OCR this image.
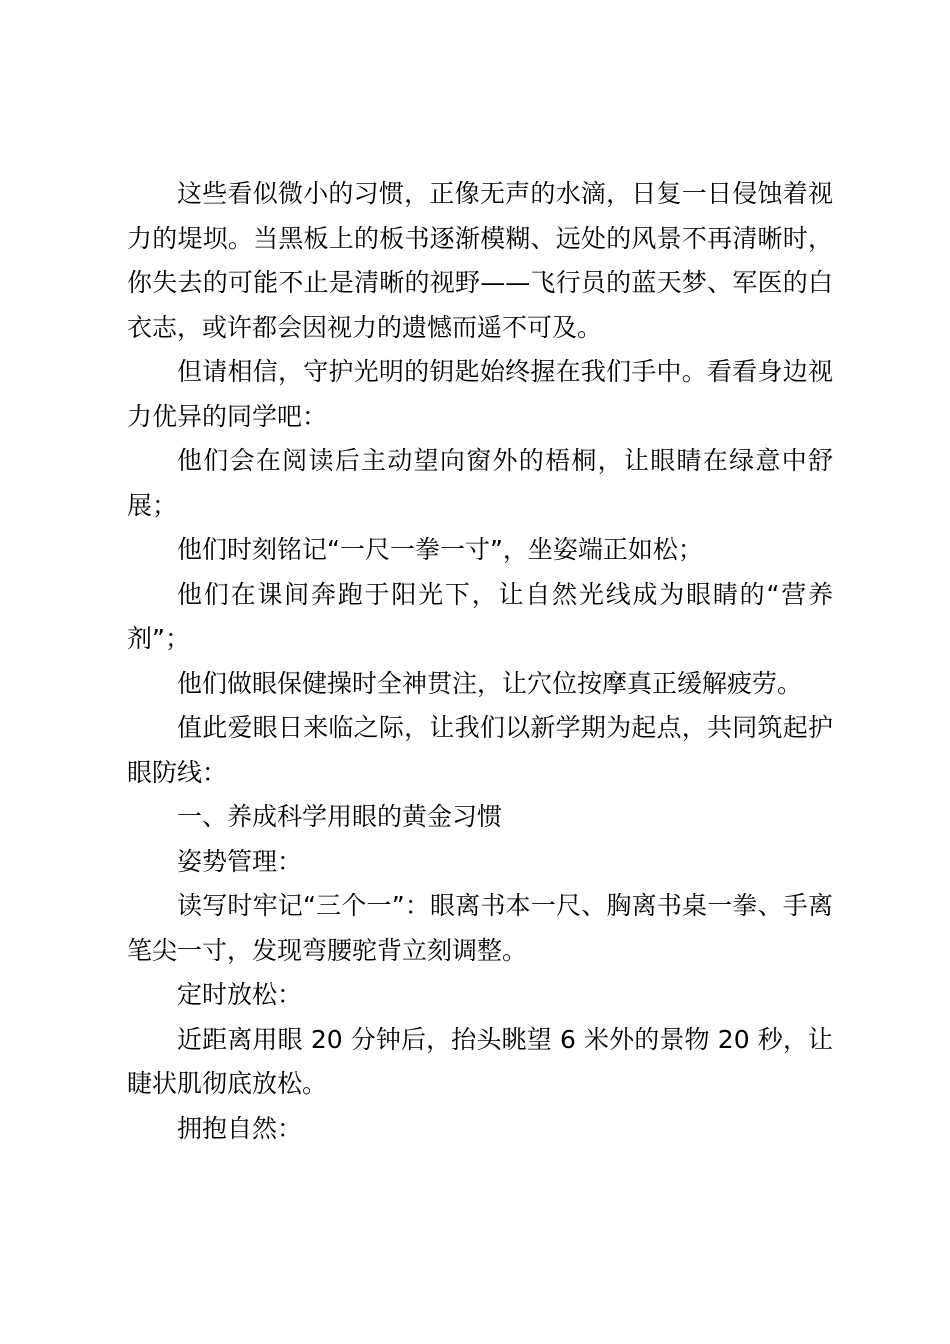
这些看似微小的习惯，正像无声的水滴，日复一日侵蚀着视力的堤坝。当黑板上的板书逐渐模糊、远处的风景不再清晰时，你失去的可能不止是清晰的视野——飞行员的蓝天梦、军医的白衣志，或许都会因视力的遗憾而遥不可及。

但请相信，守护光明的钥匙始终握在我们手中。看看身边视力优异的同学吧：

他们会在阅读后主动望向窗外的梧桐，让眼睛在绿意中舒展；

他们时刻铭记“一尺一拳一寸”，坐姿端正如松；

他们在课间奔跑于阳光下，让自然光线成为眼睛的“营养剂”；

他们做眼保健操时全神贯注，让穴位按摩真正缓解疲劳。

值此爱眼日来临之际，让我们以新学期为起点，共同筑起护眼防线：

一、养成科学用眼的黄金习惯

姿势管理：

读写时牢记“三个一”：眼离书本一尺、胸离书桌一拳、手离笔尖一寸，发现弯腰驼背立刻调整。

定时放松：

近距离用眼 20 分钟后，抬头眺望 6 米外的景物 20 秒，让睫状肌彻底放松。

拥抱自然：
